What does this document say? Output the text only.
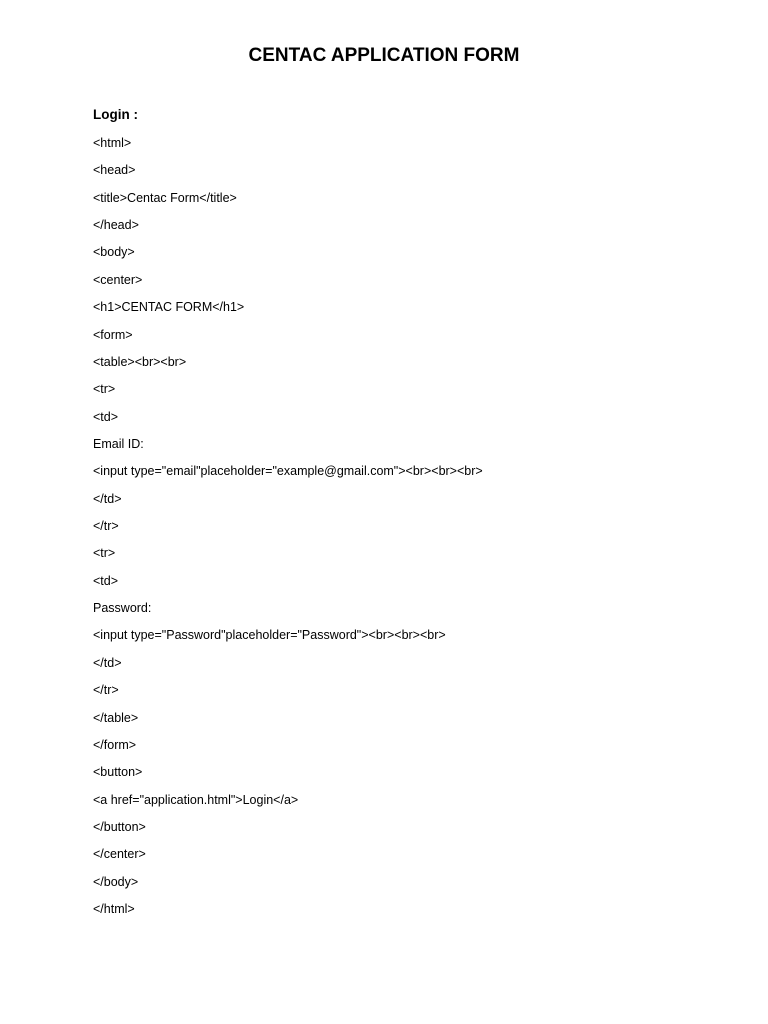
CENTAC APPLICATION FORM
Login :
<html>
<head>
<title>Centac Form</title>
</head>
<body>
<center>
<h1>CENTAC FORM</h1>
<form>
<table><br><br>
<tr>
<td>
Email ID:
<input type="email"placeholder="example@gmail.com"><br><br><br>
</td>
</tr>
<tr>
<td>
Password:
<input type="Password"placeholder="Password"><br><br><br>
</td>
</tr>
</table>
</form>
<button>
<a href="application.html">Login</a>
</button>
</center>
</body>
</html>
